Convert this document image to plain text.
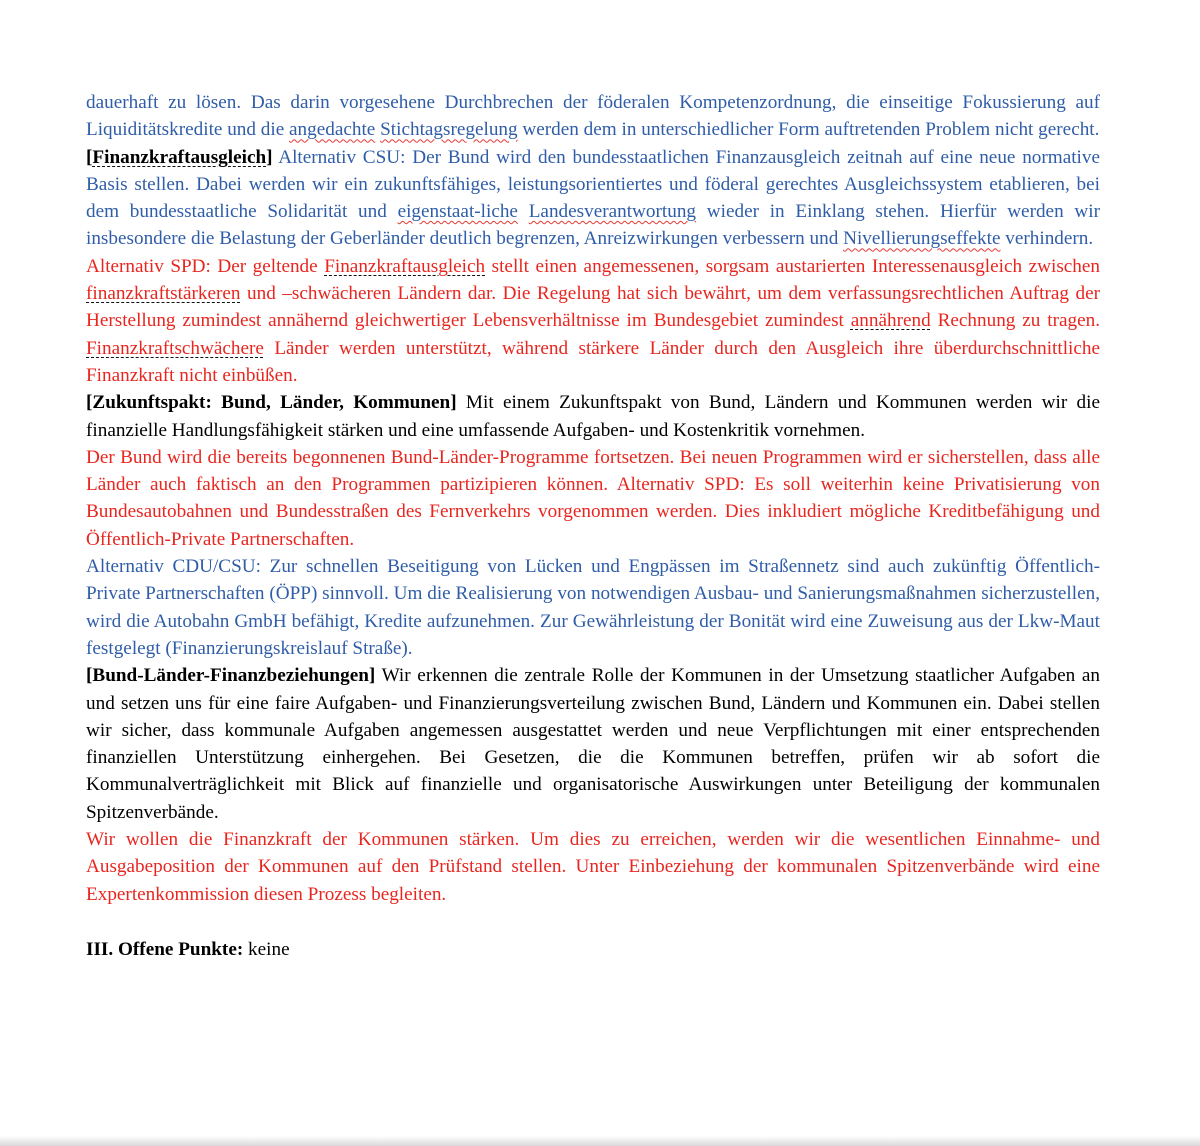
dauerhaft zu lösen. Das darin vorgesehene Durchbrechen der föderalen Kompetenzordnung, die einseitige Fokussierung auf Liquiditätskredite und die angedachte Stichtagsregelung werden dem in unterschiedlicher Form auftretenden Problem nicht gerecht.

[Finanzkraftausgleich] Alternativ CSU: Der Bund wird den bundesstaatlichen Finanzausgleich zeitnah auf eine neue normative Basis stellen. Dabei werden wir ein zukunftsfähiges, leistungsorientiertes und föderal gerechtes Ausgleichssystem etablieren, bei dem bundesstaatliche Solidarität und eigenstaat-liche Landesverantwortung wieder in Einklang stehen. Hierfür werden wir insbesondere die Belastung der Geberländer deutlich begrenzen, Anreizwirkungen verbessern und Nivellierungseffekte verhindern.

Alternativ SPD: Der geltende Finanzkraftausgleich stellt einen angemessenen, sorgsam austarierten Interessenausgleich zwischen finanzkraftstärkeren und –schwächeren Ländern dar. Die Regelung hat sich bewährt, um dem verfassungsrechtlichen Auftrag der Herstellung zumindest annähernd gleichwertiger Lebensverhältnisse im Bundesgebiet zumindest annährend Rechnung zu tragen. Finanzkraftschwächere Länder werden unterstützt, während stärkere Länder durch den Ausgleich ihre überdurchschnittliche Finanzkraft nicht einbüßen.

[Zukunftspakt: Bund, Länder, Kommunen] Mit einem Zukunftspakt von Bund, Ländern und Kommunen werden wir die finanzielle Handlungsfähigkeit stärken und eine umfassende Aufgaben- und Kostenkritik vornehmen.

Der Bund wird die bereits begonnenen Bund-Länder-Programme fortsetzen. Bei neuen Programmen wird er sicherstellen, dass alle Länder auch faktisch an den Programmen partizipieren können. Alternativ SPD: Es soll weiterhin keine Privatisierung von Bundesautobahnen und Bundesstraßen des Fernverkehrs vorgenommen werden. Dies inkludiert mögliche Kreditbefähigung und Öffentlich-Private Partnerschaften.

Alternativ CDU/CSU: Zur schnellen Beseitigung von Lücken und Engpässen im Straßennetz sind auch zukünftig Öffentlich-Private Partnerschaften (ÖPP) sinnvoll. Um die Realisierung von notwendigen Ausbau- und Sanierungsmaßnahmen sicherzustellen, wird die Autobahn GmbH befähigt, Kredite aufzunehmen. Zur Gewährleistung der Bonität wird eine Zuweisung aus der Lkw-Maut festgelegt (Finanzierungskreislauf Straße).

[Bund-Länder-Finanzbeziehungen] Wir erkennen die zentrale Rolle der Kommunen in der Umsetzung staatlicher Aufgaben an und setzen uns für eine faire Aufgaben- und Finanzierungsverteilung zwischen Bund, Ländern und Kommunen ein. Dabei stellen wir sicher, dass kommunale Aufgaben angemessen ausgestattet werden und neue Verpflichtungen mit einer entsprechenden finanziellen Unterstützung einhergehen. Bei Gesetzen, die die Kommunen betreffen, prüfen wir ab sofort die Kommunalverträglichkeit mit Blick auf finanzielle und organisatorische Auswirkungen unter Beteiligung der kommunalen Spitzenverbände.

Wir wollen die Finanzkraft der Kommunen stärken. Um dies zu erreichen, werden wir die wesentlichen Einnahme- und Ausgabeposition der Kommunen auf den Prüfstand stellen. Unter Einbeziehung der kommunalen Spitzenverbände wird eine Expertenkommission diesen Prozess begleiten.

III. Offene Punkte: keine
